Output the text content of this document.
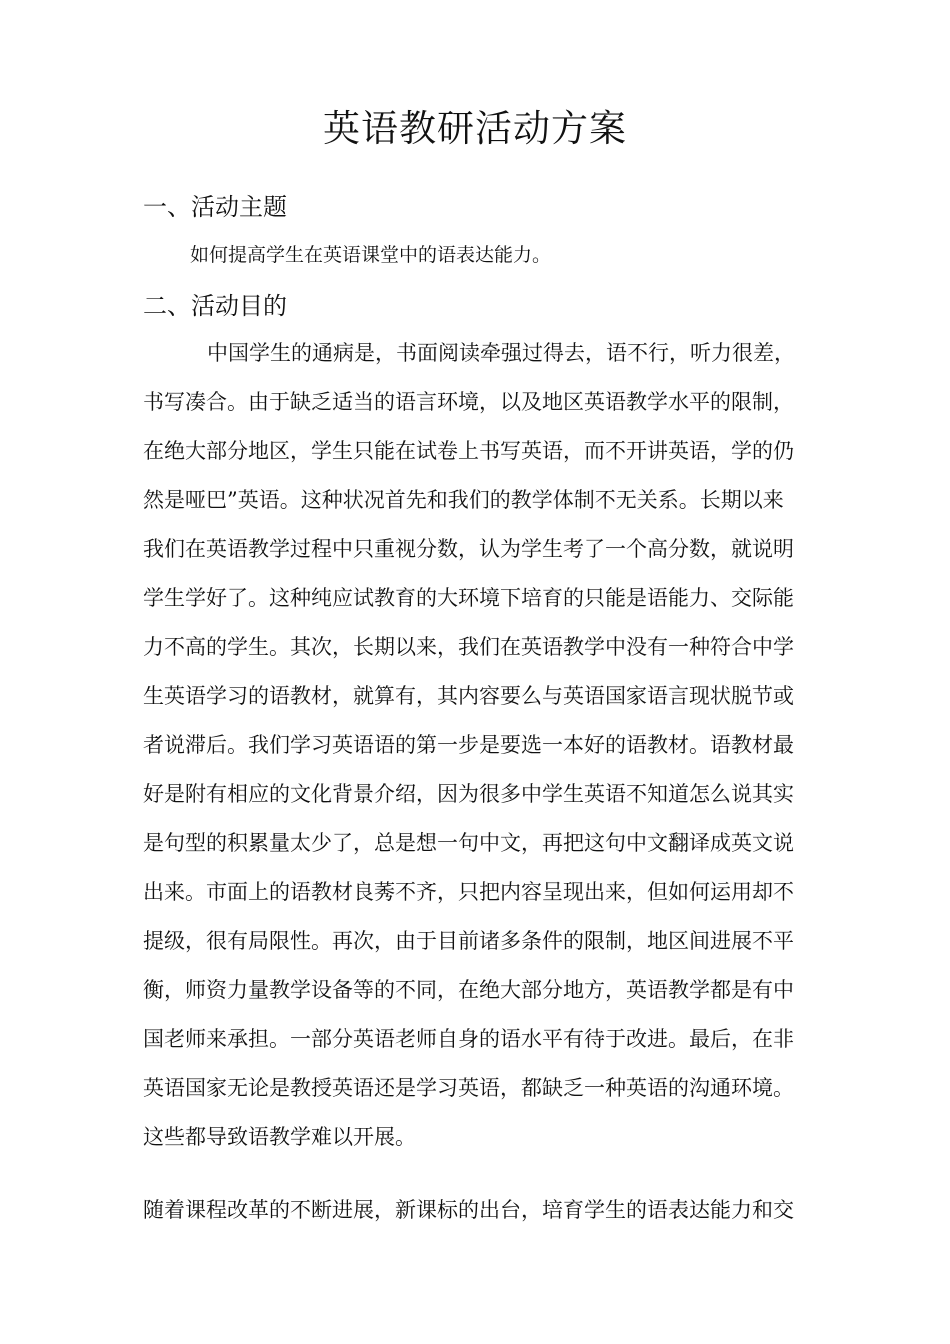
英语教研活动方案
一、活动主题

如何提高学生在英语课堂中的语表达能力。

二、活动目的
中国学生的通病是，书面阅读牵强过得去，语不行，听力很差，
书写凑合。由于缺乏适当的语言环境，以及地区英语教学水平的限制，
在绝大部分地区，学生只能在试卷上书写英语，而不开讲英语，学的仍
然是哑巴”英语。这种状况首先和我们的教学体制不无关系。长期以来
我们在英语教学过程中只重视分数，认为学生考了一个高分数，就说明
学生学好了。这种纯应试教育的大环境下培育的只能是语能力、交际能
力不高的学生。其次，长期以来，我们在英语教学中没有一种符合中学
生英语学习的语教材，就算有，其内容要么与英语国家语言现状脱节或
者说滞后。我们学习英语语的第一步是要选一本好的语教材。语教材最
好是附有相应的文化背景介绍，因为很多中学生英语不知道怎么说其实
是句型的积累量太少了，总是想一句中文，再把这句中文翻译成英文说
出来。市面上的语教材良莠不齐，只把内容呈现出来，但如何运用却不
提级，很有局限性。再次，由于目前诸多条件的限制，地区间进展不平
衡，师资力量教学设备等的不同，在绝大部分地方，英语教学都是有中
国老师来承担。一部分英语老师自身的语水平有待于改进。最后，在非
英语国家无论是教授英语还是学习英语，都缺乏一种英语的沟通环境。
这些都导致语教学难以开展。

随着课程改革的不断进展，新课标的出台，培育学生的语表达能力和交
